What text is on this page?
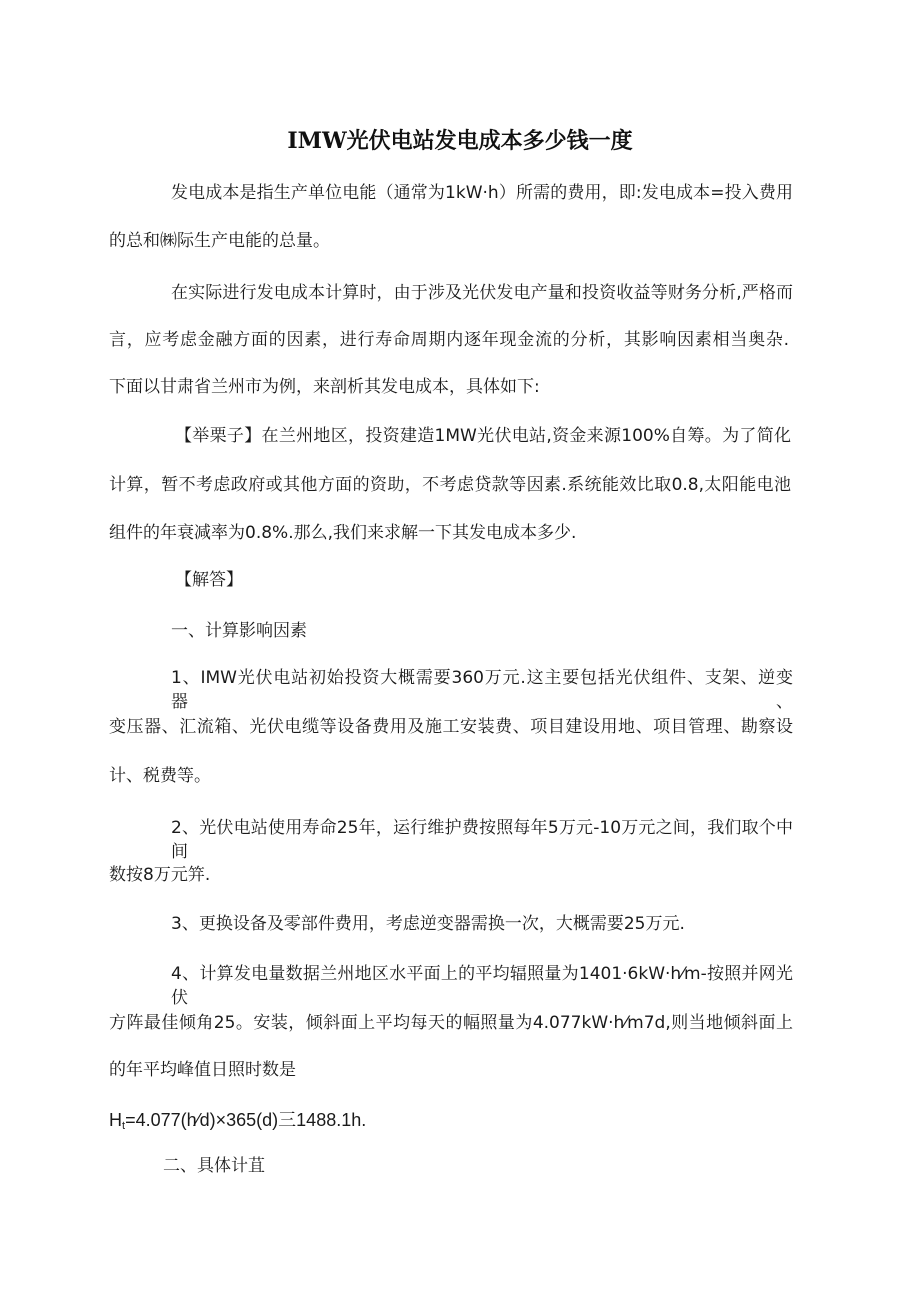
IMW光伏电站发电成本多少钱一度
发电成本是指生产单位电能（通常为1kW·h）所需的费用，即:发电成本=投入费用
的总和㈱际生产电能的总量。
在实际进行发电成本计算时，由于涉及光伏发电产量和投资收益等财务分析,严格而
言，应考虑金融方面的因素，进行寿命周期内逐年现金流的分析，其影响因素相当奥杂.
下面以甘肃省兰州市为例，来剖析其发电成本，具体如下:
【举栗子】在兰州地区，投资建造1MW光伏电站,资金来源100%自筹。为了简化
计算，暂不考虑政府或其他方面的资助，不考虑贷款等因素.系统能效比取0.8,太阳能电池
组件的年衰减率为0.8%.那么,我们来求解一下其发电成本多少.
【解答】
一、计算影响因素
1、IMW光伏电站初始投资大概需要360万元.这主要包括光伏组件、支架、逆变器、
变压器、汇流箱、光伏电缆等设备费用及施工安装费、项目建设用地、项目管理、勘察设
计、税费等。
2、光伏电站使用寿命25年，运行维护费按照每年5万元-10万元之间，我们取个中间
数按8万元笄.
3、更换设备及零部件费用，考虑逆变器需换一次，大概需要25万元.
4、计算发电量数据兰州地区水平面上的平均辐照量为1401·6kW·h⁄m-按照并网光伏
方阵最佳倾角25。安装，倾斜面上平均每天的幅照量为4.077kW·h⁄m7d,则当地倾斜面上
的年平均峰值日照时数是
$H_t=4.077(h⁄d)\times 365(d)$三1488.1h.
二、具体计苴
